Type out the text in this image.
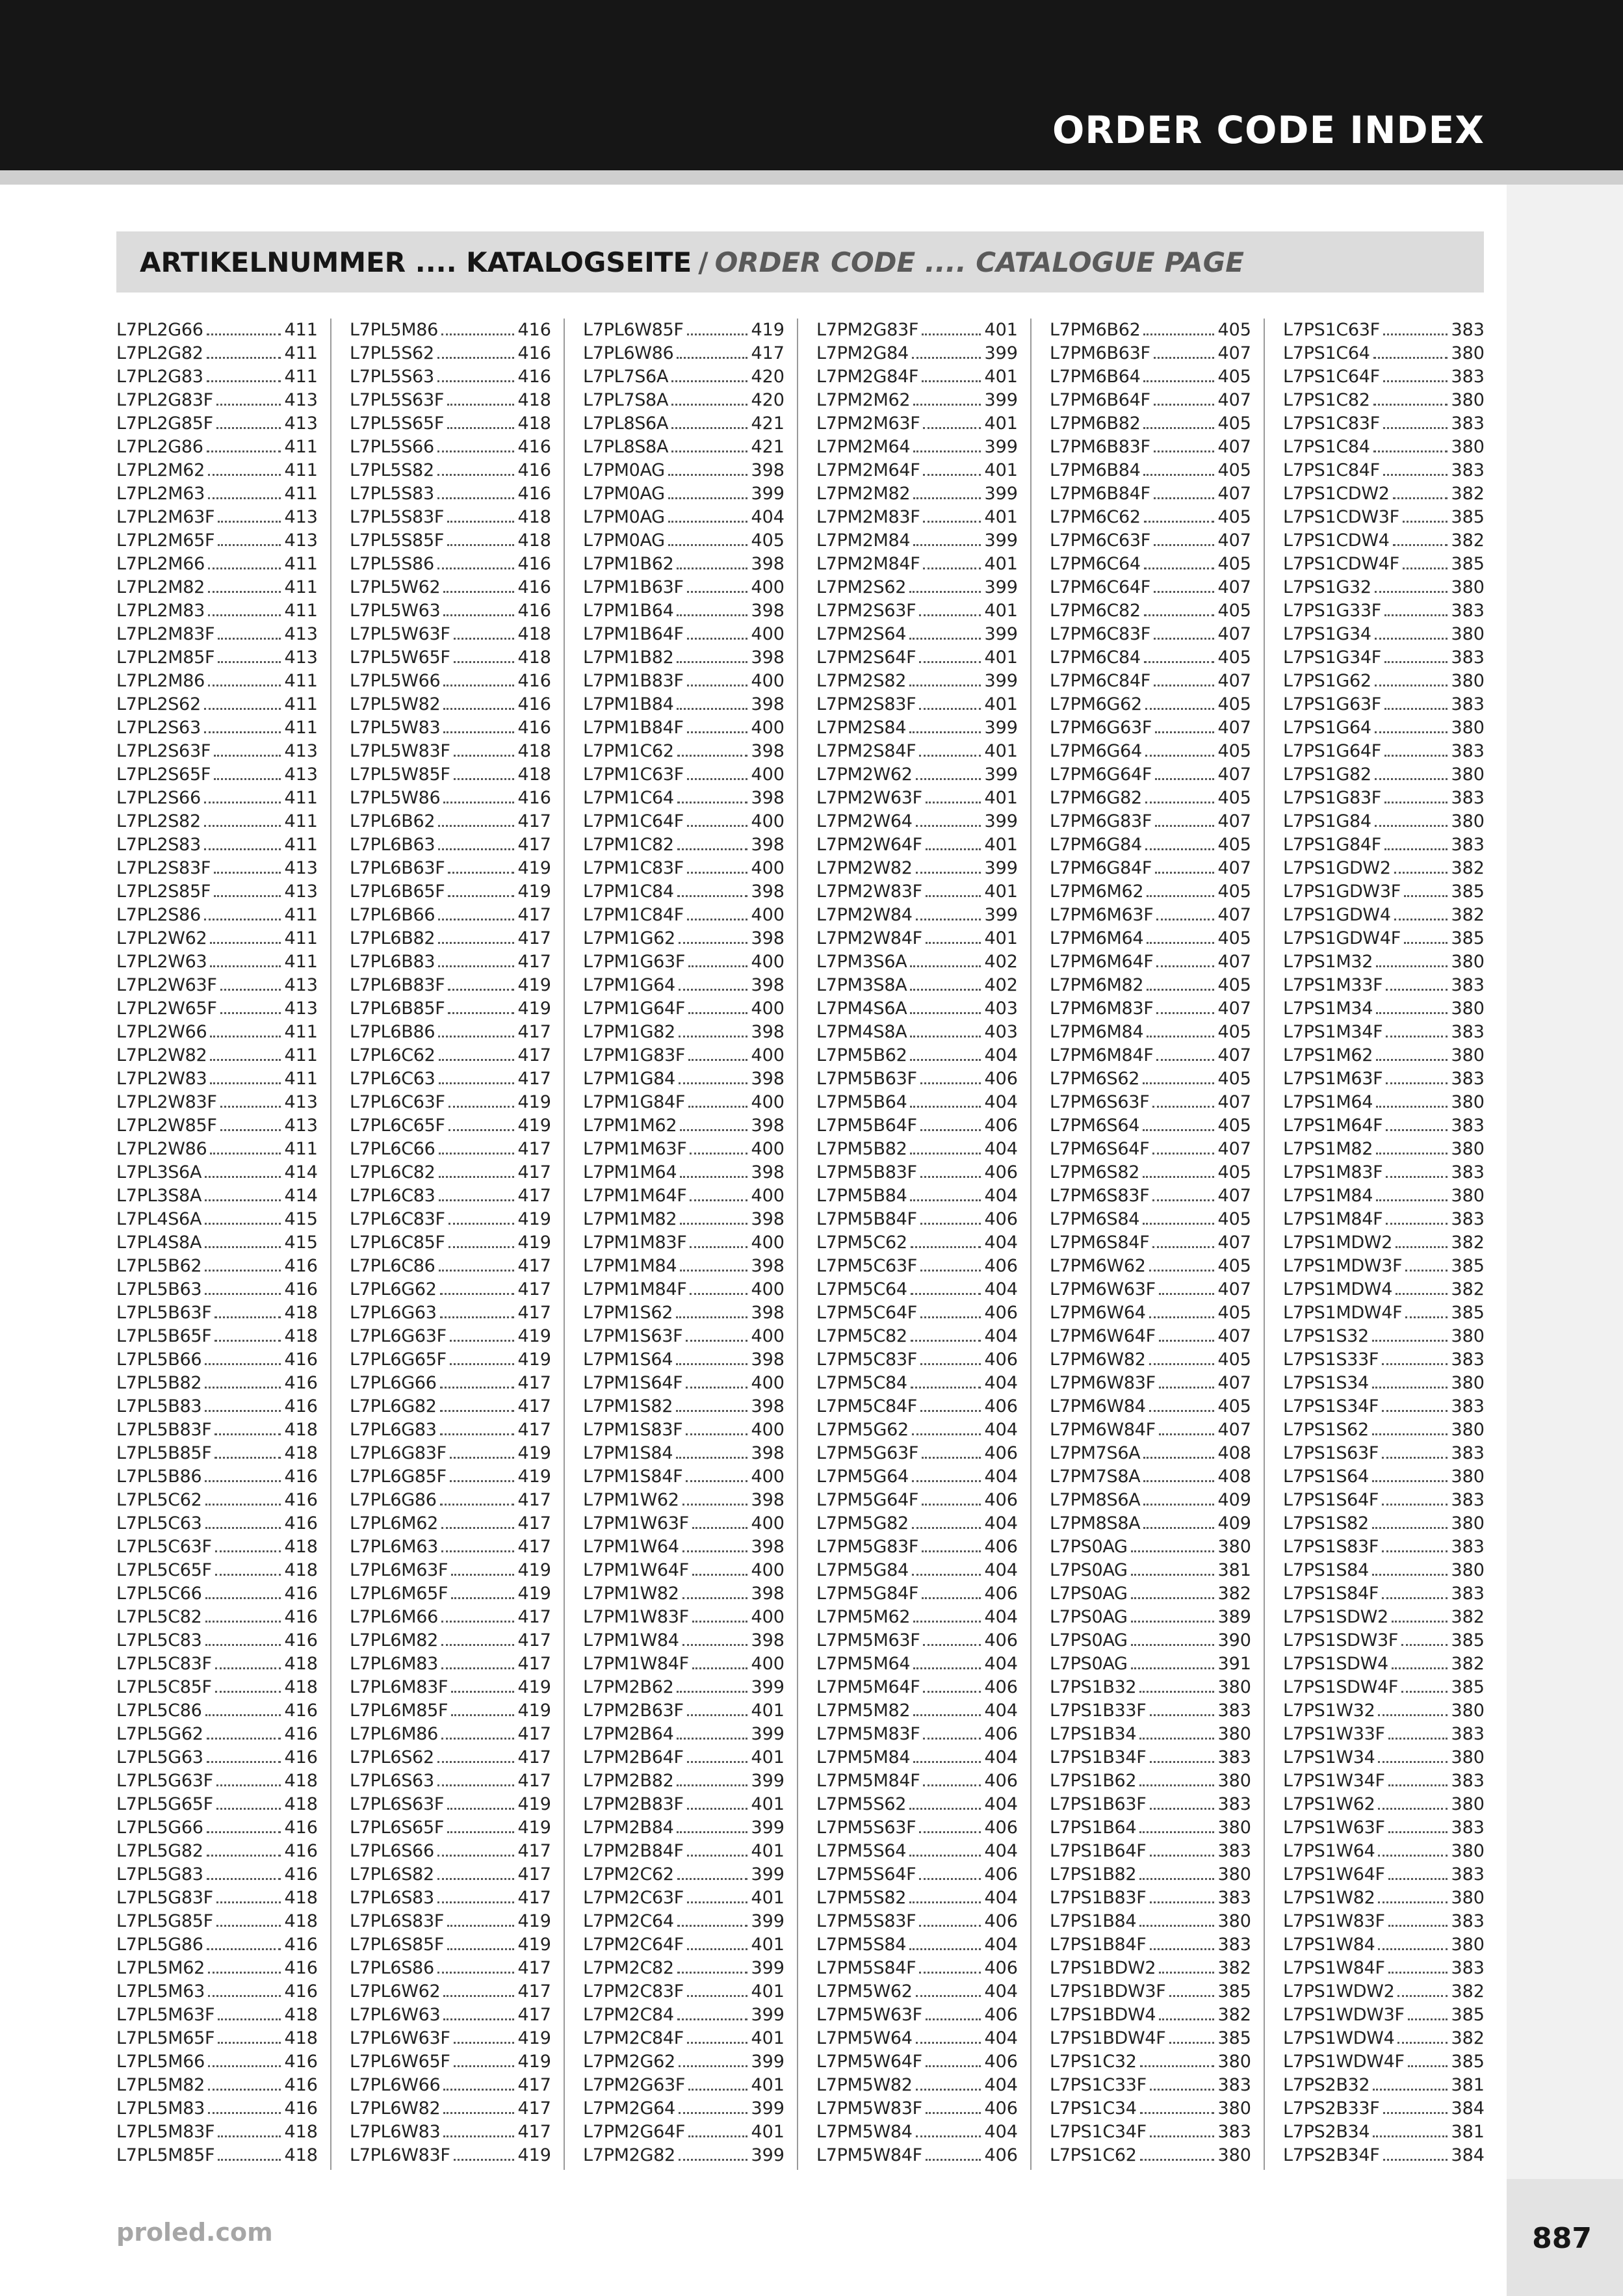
ORDER CODE INDEX
ARTIKELNUMMER .... KATALOGSEITE / ORDER CODE .... CATALOGUE PAGE
L7PL2G66	411
L7PL2G82	411
L7PL2G83	411
L7PL2G83F	413
L7PL2G85F	413
L7PL2G86	411
L7PL2M62	411
L7PL2M63	411
L7PL2M63F	413
L7PL2M65F	413
L7PL2M66	411
L7PL2M82	411
L7PL2M83	411
L7PL2M83F	413
L7PL2M85F	413
L7PL2M86	411
L7PL2S62	411
L7PL2S63	411
L7PL2S63F	413
L7PL2S65F	413
L7PL2S66	411
L7PL2S82	411
L7PL2S83	411
L7PL2S83F	413
L7PL2S85F	413
L7PL2S86	411
L7PL2W62	411
L7PL2W63	411
L7PL2W63F	413
L7PL2W65F	413
L7PL2W66	411
L7PL2W82	411
L7PL2W83	411
L7PL2W83F	413
L7PL2W85F	413
L7PL2W86	411
L7PL3S6A	414
L7PL3S8A	414
L7PL4S6A	415
L7PL4S8A	415
L7PL5B62	416
L7PL5B63	416
L7PL5B63F	418
L7PL5B65F	418
L7PL5B66	416
L7PL5B82	416
L7PL5B83	416
L7PL5B83F	418
L7PL5B85F	418
L7PL5B86	416
L7PL5C62	416
L7PL5C63	416
L7PL5C63F	418
L7PL5C65F	418
L7PL5C66	416
L7PL5C82	416
L7PL5C83	416
L7PL5C83F	418
L7PL5C85F	418
L7PL5C86	416
L7PL5G62	416
L7PL5G63	416
L7PL5G63F	418
L7PL5G65F	418
L7PL5G66	416
L7PL5G82	416
L7PL5G83	416
L7PL5G83F	418
L7PL5G85F	418
L7PL5G86	416
L7PL5M62	416
L7PL5M63	416
L7PL5M63F	418
L7PL5M65F	418
L7PL5M66	416
L7PL5M82	416
L7PL5M83	416
L7PL5M83F	418
L7PL5M85F	418
L7PL5M86	416
L7PL5S62	416
L7PL5S63	416
L7PL5S63F	418
L7PL5S65F	418
L7PL5S66	416
L7PL5S82	416
L7PL5S83	416
L7PL5S83F	418
L7PL5S85F	418
L7PL5S86	416
L7PL5W62	416
L7PL5W63	416
L7PL5W63F	418
L7PL5W65F	418
L7PL5W66	416
L7PL5W82	416
L7PL5W83	416
L7PL5W83F	418
L7PL5W85F	418
L7PL5W86	416
L7PL6B62	417
L7PL6B63	417
L7PL6B63F	419
L7PL6B65F	419
L7PL6B66	417
L7PL6B82	417
L7PL6B83	417
L7PL6B83F	419
L7PL6B85F	419
L7PL6B86	417
L7PL6C62	417
L7PL6C63	417
L7PL6C63F	419
L7PL6C65F	419
L7PL6C66	417
L7PL6C82	417
L7PL6C83	417
L7PL6C83F	419
L7PL6C85F	419
L7PL6C86	417
L7PL6G62	417
L7PL6G63	417
L7PL6G63F	419
L7PL6G65F	419
L7PL6G66	417
L7PL6G82	417
L7PL6G83	417
L7PL6G83F	419
L7PL6G85F	419
L7PL6G86	417
L7PL6M62	417
L7PL6M63	417
L7PL6M63F	419
L7PL6M65F	419
L7PL6M66	417
L7PL6M82	417
L7PL6M83	417
L7PL6M83F	419
L7PL6M85F	419
L7PL6M86	417
L7PL6S62	417
L7PL6S63	417
L7PL6S63F	419
L7PL6S65F	419
L7PL6S66	417
L7PL6S82	417
L7PL6S83	417
L7PL6S83F	419
L7PL6S85F	419
L7PL6S86	417
L7PL6W62	417
L7PL6W63	417
L7PL6W63F	419
L7PL6W65F	419
L7PL6W66	417
L7PL6W82	417
L7PL6W83	417
L7PL6W83F	419
L7PL6W85F	419
L7PL6W86	417
L7PL7S6A	420
L7PL7S8A	420
L7PL8S6A	421
L7PL8S8A	421
L7PM0AG	398
L7PM0AG	399
L7PM0AG	404
L7PM0AG	405
L7PM1B62	398
L7PM1B63F	400
L7PM1B64	398
L7PM1B64F	400
L7PM1B82	398
L7PM1B83F	400
L7PM1B84	398
L7PM1B84F	400
L7PM1C62	398
L7PM1C63F	400
L7PM1C64	398
L7PM1C64F	400
L7PM1C82	398
L7PM1C83F	400
L7PM1C84	398
L7PM1C84F	400
L7PM1G62	398
L7PM1G63F	400
L7PM1G64	398
L7PM1G64F	400
L7PM1G82	398
L7PM1G83F	400
L7PM1G84	398
L7PM1G84F	400
L7PM1M62	398
L7PM1M63F	400
L7PM1M64	398
L7PM1M64F	400
L7PM1M82	398
L7PM1M83F	400
L7PM1M84	398
L7PM1M84F	400
L7PM1S62	398
L7PM1S63F	400
L7PM1S64	398
L7PM1S64F	400
L7PM1S82	398
L7PM1S83F	400
L7PM1S84	398
L7PM1S84F	400
L7PM1W62	398
L7PM1W63F	400
L7PM1W64	398
L7PM1W64F	400
L7PM1W82	398
L7PM1W83F	400
L7PM1W84	398
L7PM1W84F	400
L7PM2B62	399
L7PM2B63F	401
L7PM2B64	399
L7PM2B64F	401
L7PM2B82	399
L7PM2B83F	401
L7PM2B84	399
L7PM2B84F	401
L7PM2C62	399
L7PM2C63F	401
L7PM2C64	399
L7PM2C64F	401
L7PM2C82	399
L7PM2C83F	401
L7PM2C84	399
L7PM2C84F	401
L7PM2G62	399
L7PM2G63F	401
L7PM2G64	399
L7PM2G64F	401
L7PM2G82	399
L7PM2G83F	401
L7PM2G84	399
L7PM2G84F	401
L7PM2M62	399
L7PM2M63F	401
L7PM2M64	399
L7PM2M64F	401
L7PM2M82	399
L7PM2M83F	401
L7PM2M84	399
L7PM2M84F	401
L7PM2S62	399
L7PM2S63F	401
L7PM2S64	399
L7PM2S64F	401
L7PM2S82	399
L7PM2S83F	401
L7PM2S84	399
L7PM2S84F	401
L7PM2W62	399
L7PM2W63F	401
L7PM2W64	399
L7PM2W64F	401
L7PM2W82	399
L7PM2W83F	401
L7PM2W84	399
L7PM2W84F	401
L7PM3S6A	402
L7PM3S8A	402
L7PM4S6A	403
L7PM4S8A	403
L7PM5B62	404
L7PM5B63F	406
L7PM5B64	404
L7PM5B64F	406
L7PM5B82	404
L7PM5B83F	406
L7PM5B84	404
L7PM5B84F	406
L7PM5C62	404
L7PM5C63F	406
L7PM5C64	404
L7PM5C64F	406
L7PM5C82	404
L7PM5C83F	406
L7PM5C84	404
L7PM5C84F	406
L7PM5G62	404
L7PM5G63F	406
L7PM5G64	404
L7PM5G64F	406
L7PM5G82	404
L7PM5G83F	406
L7PM5G84	404
L7PM5G84F	406
L7PM5M62	404
L7PM5M63F	406
L7PM5M64	404
L7PM5M64F	406
L7PM5M82	404
L7PM5M83F	406
L7PM5M84	404
L7PM5M84F	406
L7PM5S62	404
L7PM5S63F	406
L7PM5S64	404
L7PM5S64F	406
L7PM5S82	404
L7PM5S83F	406
L7PM5S84	404
L7PM5S84F	406
L7PM5W62	404
L7PM5W63F	406
L7PM5W64	404
L7PM5W64F	406
L7PM5W82	404
L7PM5W83F	406
L7PM5W84	404
L7PM5W84F	406
L7PM6B62	405
L7PM6B63F	407
L7PM6B64	405
L7PM6B64F	407
L7PM6B82	405
L7PM6B83F	407
L7PM6B84	405
L7PM6B84F	407
L7PM6C62	405
L7PM6C63F	407
L7PM6C64	405
L7PM6C64F	407
L7PM6C82	405
L7PM6C83F	407
L7PM6C84	405
L7PM6C84F	407
L7PM6G62	405
L7PM6G63F	407
L7PM6G64	405
L7PM6G64F	407
L7PM6G82	405
L7PM6G83F	407
L7PM6G84	405
L7PM6G84F	407
L7PM6M62	405
L7PM6M63F	407
L7PM6M64	405
L7PM6M64F	407
L7PM6M82	405
L7PM6M83F	407
L7PM6M84	405
L7PM6M84F	407
L7PM6S62	405
L7PM6S63F	407
L7PM6S64	405
L7PM6S64F	407
L7PM6S82	405
L7PM6S83F	407
L7PM6S84	405
L7PM6S84F	407
L7PM6W62	405
L7PM6W63F	407
L7PM6W64	405
L7PM6W64F	407
L7PM6W82	405
L7PM6W83F	407
L7PM6W84	405
L7PM6W84F	407
L7PM7S6A	408
L7PM7S8A	408
L7PM8S6A	409
L7PM8S8A	409
L7PS0AG	380
L7PS0AG	381
L7PS0AG	382
L7PS0AG	389
L7PS0AG	390
L7PS0AG	391
L7PS1B32	380
L7PS1B33F	383
L7PS1B34	380
L7PS1B34F	383
L7PS1B62	380
L7PS1B63F	383
L7PS1B64	380
L7PS1B64F	383
L7PS1B82	380
L7PS1B83F	383
L7PS1B84	380
L7PS1B84F	383
L7PS1BDW2	382
L7PS1BDW3F	385
L7PS1BDW4	382
L7PS1BDW4F	385
L7PS1C32	380
L7PS1C33F	383
L7PS1C34	380
L7PS1C34F	383
L7PS1C62	380
L7PS1C63F	383
L7PS1C64	380
L7PS1C64F	383
L7PS1C82	380
L7PS1C83F	383
L7PS1C84	380
L7PS1C84F	383
L7PS1CDW2	382
L7PS1CDW3F	385
L7PS1CDW4	382
L7PS1CDW4F	385
L7PS1G32	380
L7PS1G33F	383
L7PS1G34	380
L7PS1G34F	383
L7PS1G62	380
L7PS1G63F	383
L7PS1G64	380
L7PS1G64F	383
L7PS1G82	380
L7PS1G83F	383
L7PS1G84	380
L7PS1G84F	383
L7PS1GDW2	382
L7PS1GDW3F	385
L7PS1GDW4	382
L7PS1GDW4F	385
L7PS1M32	380
L7PS1M33F	383
L7PS1M34	380
L7PS1M34F	383
L7PS1M62	380
L7PS1M63F	383
L7PS1M64	380
L7PS1M64F	383
L7PS1M82	380
L7PS1M83F	383
L7PS1M84	380
L7PS1M84F	383
L7PS1MDW2	382
L7PS1MDW3F	385
L7PS1MDW4	382
L7PS1MDW4F	385
L7PS1S32	380
L7PS1S33F	383
L7PS1S34	380
L7PS1S34F	383
L7PS1S62	380
L7PS1S63F	383
L7PS1S64	380
L7PS1S64F	383
L7PS1S82	380
L7PS1S83F	383
L7PS1S84	380
L7PS1S84F	383
L7PS1SDW2	382
L7PS1SDW3F	385
L7PS1SDW4	382
L7PS1SDW4F	385
L7PS1W32	380
L7PS1W33F	383
L7PS1W34	380
L7PS1W34F	383
L7PS1W62	380
L7PS1W63F	383
L7PS1W64	380
L7PS1W64F	383
L7PS1W82	380
L7PS1W83F	383
L7PS1W84	380
L7PS1W84F	383
L7PS1WDW2	382
L7PS1WDW3F	385
L7PS1WDW4	382
L7PS1WDW4F	385
L7PS2B32	381
L7PS2B33F	384
L7PS2B34	381
L7PS2B34F	384
proled.com	887
